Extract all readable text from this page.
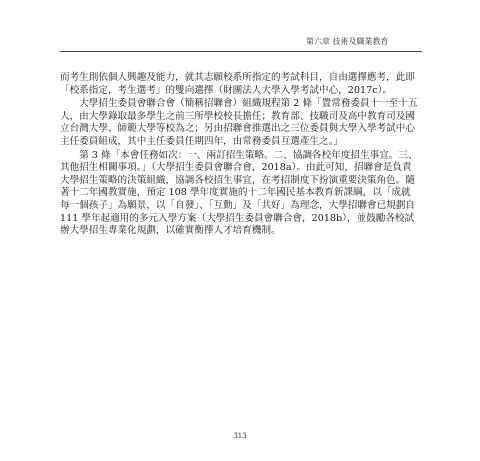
第六章 技術及職業教育

而考生則依個人興趣及能力，就其志願校系所指定的考試科目，自由選擇應考，此即「校系指定，考生選考」的雙向選擇（財團法人大學入學考試中心，2017c）。

大學招生委員會聯合會（簡稱招聯會）組織規程第 2 條「置常務委員十一至十五人，由大學錄取最多學生之前三所學校校長擔任；教育部、技職司及高中教育司及國立台灣大學、師範大學等校為之；另由招聯會推選出之三位委員與大學入學考試中心主任委員組成，其中主任委員任期四年，由常務委員互選產生之。」

第 3 條「本會任務如次：一、兩訂招生策略。二、協調各校年度招生事宜。三、其他招生相關事項。」（大學招生委員會聯合會，2018a）。由此可知，招聯會是負責大學招生策略的決策組織，協調各校招生事宜，在考招制度下扮演重要決策角色。隨著十二年國教實施，預定 108 學年度實施的十二年國民基本教育新課綱，以「成就每一個孩子」為願景，以「自發」、「互動」及「共好」為理念，大學招聯會已規劃自 111 學年起適用的多元入學方案（大學招生委員會聯合會，2018b），並鼓勵各校試辦大學招生專業化規劃，以確實衡擇人才培育機制。

313
